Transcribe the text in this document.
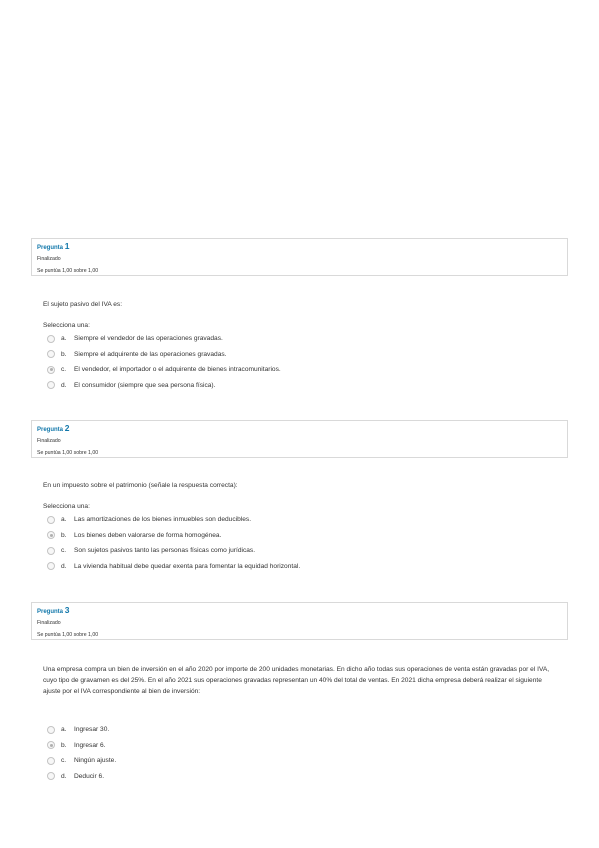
Pregunta 1
Finalizado
Se puntúa 1,00 sobre 1,00
El sujeto pasivo del IVA es:
Selecciona una:
a.	Siempre el vendedor de las operaciones gravadas.
b.	Siempre el adquirente de las operaciones gravadas.
c.	El vendedor, el importador o el adquirente de bienes intracomunitarios.
d.	El consumidor (siempre que sea persona física).
Pregunta 2
Finalizado
Se puntúa 1,00 sobre 1,00
En un impuesto sobre el patrimonio (señale la respuesta correcta):
Selecciona una:
a.	Las amortizaciones de los bienes inmuebles son deducibles.
b.	Los bienes deben valorarse de forma homogénea.
c.	Son sujetos pasivos tanto las personas físicas como jurídicas.
d.	La vivienda habitual debe quedar exenta para fomentar la equidad horizontal.
Pregunta 3
Finalizado
Se puntúa 1,00 sobre 1,00
Una empresa compra un bien de inversión en el año 2020 por importe de 200 unidades monetarias. En dicho año todas sus operaciones de venta están gravadas por el IVA, cuyo tipo de gravamen es del 25%. En el año 2021 sus operaciones gravadas representan un 40% del total de ventas. En 2021 dicha empresa deberá realizar el siguiente ajuste por el IVA correspondiente al bien de inversión:
a.	Ingresar 30.
b.	Ingresar 6.
c.	Ningún ajuste.
d.	Deducir 6.
